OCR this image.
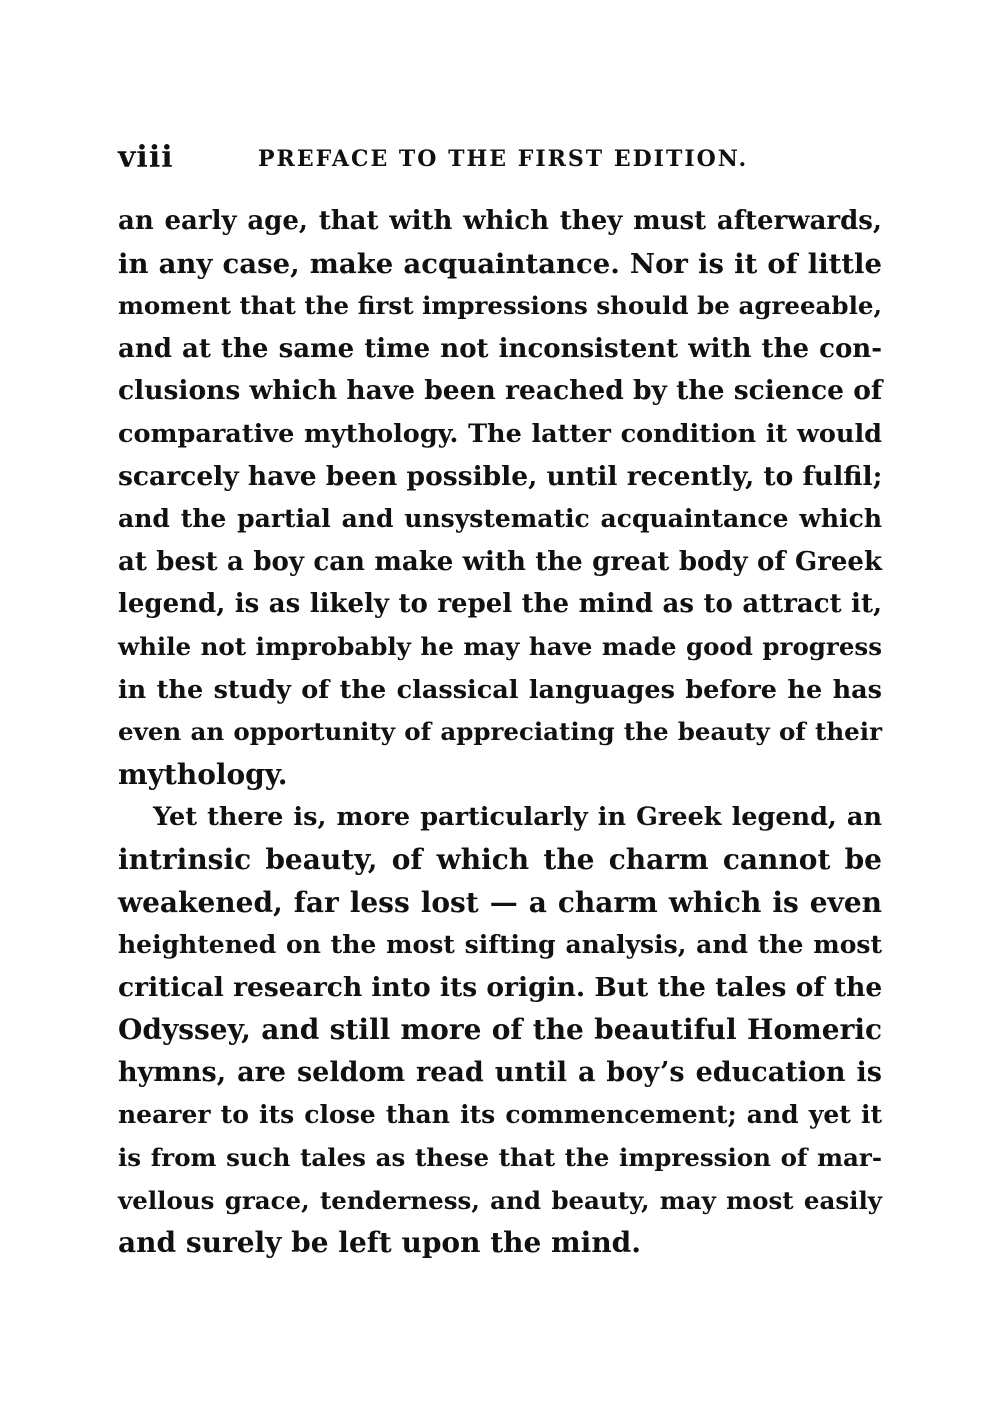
viii	PREFACE TO THE FIRST EDITION.
an early age, that with which they must afterwards,
in any case, make acquaintance. Nor is it of little
moment that the first impressions should be agreeable,
and at the same time not inconsistent with the con-
clusions which have been reached by the science of
comparative mythology. The latter condition it would
scarcely have been possible, until recently, to fulfil;
and the partial and unsystematic acquaintance which
at best a boy can make with the great body of Greek
legend, is as likely to repel the mind as to attract it,
while not improbably he may have made good progress
in the study of the classical languages before he has
even an opportunity of appreciating the beauty of their
mythology.
Yet there is, more particularly in Greek legend, an
intrinsic beauty, of which the charm cannot be
weakened, far less lost — a charm which is even
heightened on the most sifting analysis, and the most
critical research into its origin. But the tales of the
Odyssey, and still more of the beautiful Homeric
hymns, are seldom read until a boy’s education is
nearer to its close than its commencement; and yet it
is from such tales as these that the impression of mar-
vellous grace, tenderness, and beauty, may most easily
and surely be left upon the mind.
